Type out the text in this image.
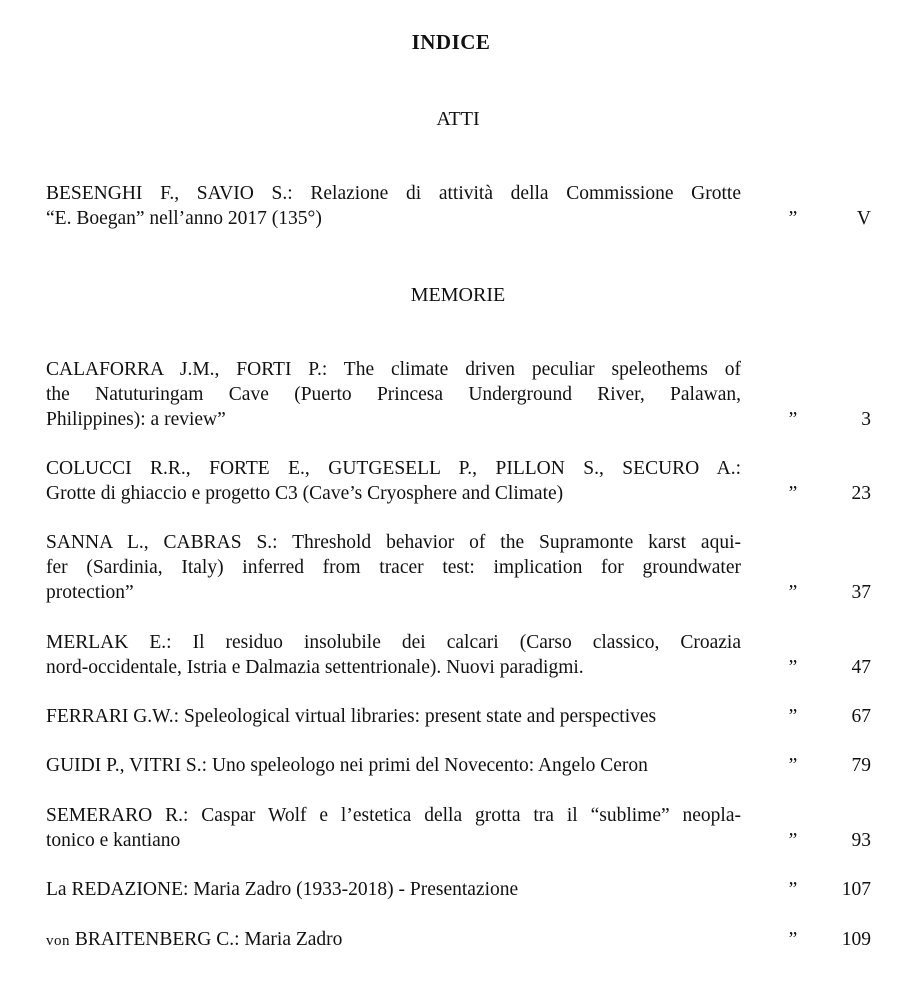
INDICE
ATTI
BESENGHI F., SAVIO S.: Relazione di attività della Commissione Grotte
“E. Boegan” nell’anno 2017 (135°)	”	V
MEMORIE
CALAFORRA J.M., FORTI P.: The climate driven peculiar speleothems of
the Natuturingam Cave (Puerto Princesa Underground River, Palawan,
Philippines): a review”	”	3
COLUCCI R.R., FORTE E., GUTGESELL P., PILLON S., SECURO A.:
Grotte di ghiaccio e progetto C3 (Cave’s Cryosphere and Climate)	”	23
SANNA L., CABRAS S.: Threshold behavior of the Supramonte karst aqui-
fer (Sardinia, Italy) inferred from tracer test: implication for groundwater
protection”	”	37
MERLAK E.: Il residuo insolubile dei calcari (Carso classico, Croazia
nord-occidentale, Istria e Dalmazia settentrionale). Nuovi paradigmi.	”	47
FERRARI G.W.: Speleological virtual libraries: present state and perspectives	”	67
GUIDI P., VITRI S.: Uno speleologo nei primi del Novecento: Angelo Ceron	”	79
SEMERARO R.: Caspar Wolf e l’estetica della grotta tra il “sublime” neopla-
tonico e kantiano	”	93
La REDAZIONE: Maria Zadro (1933-2018) - Presentazione	”	107
von BRAITENBERG C.: Maria Zadro	”	109
